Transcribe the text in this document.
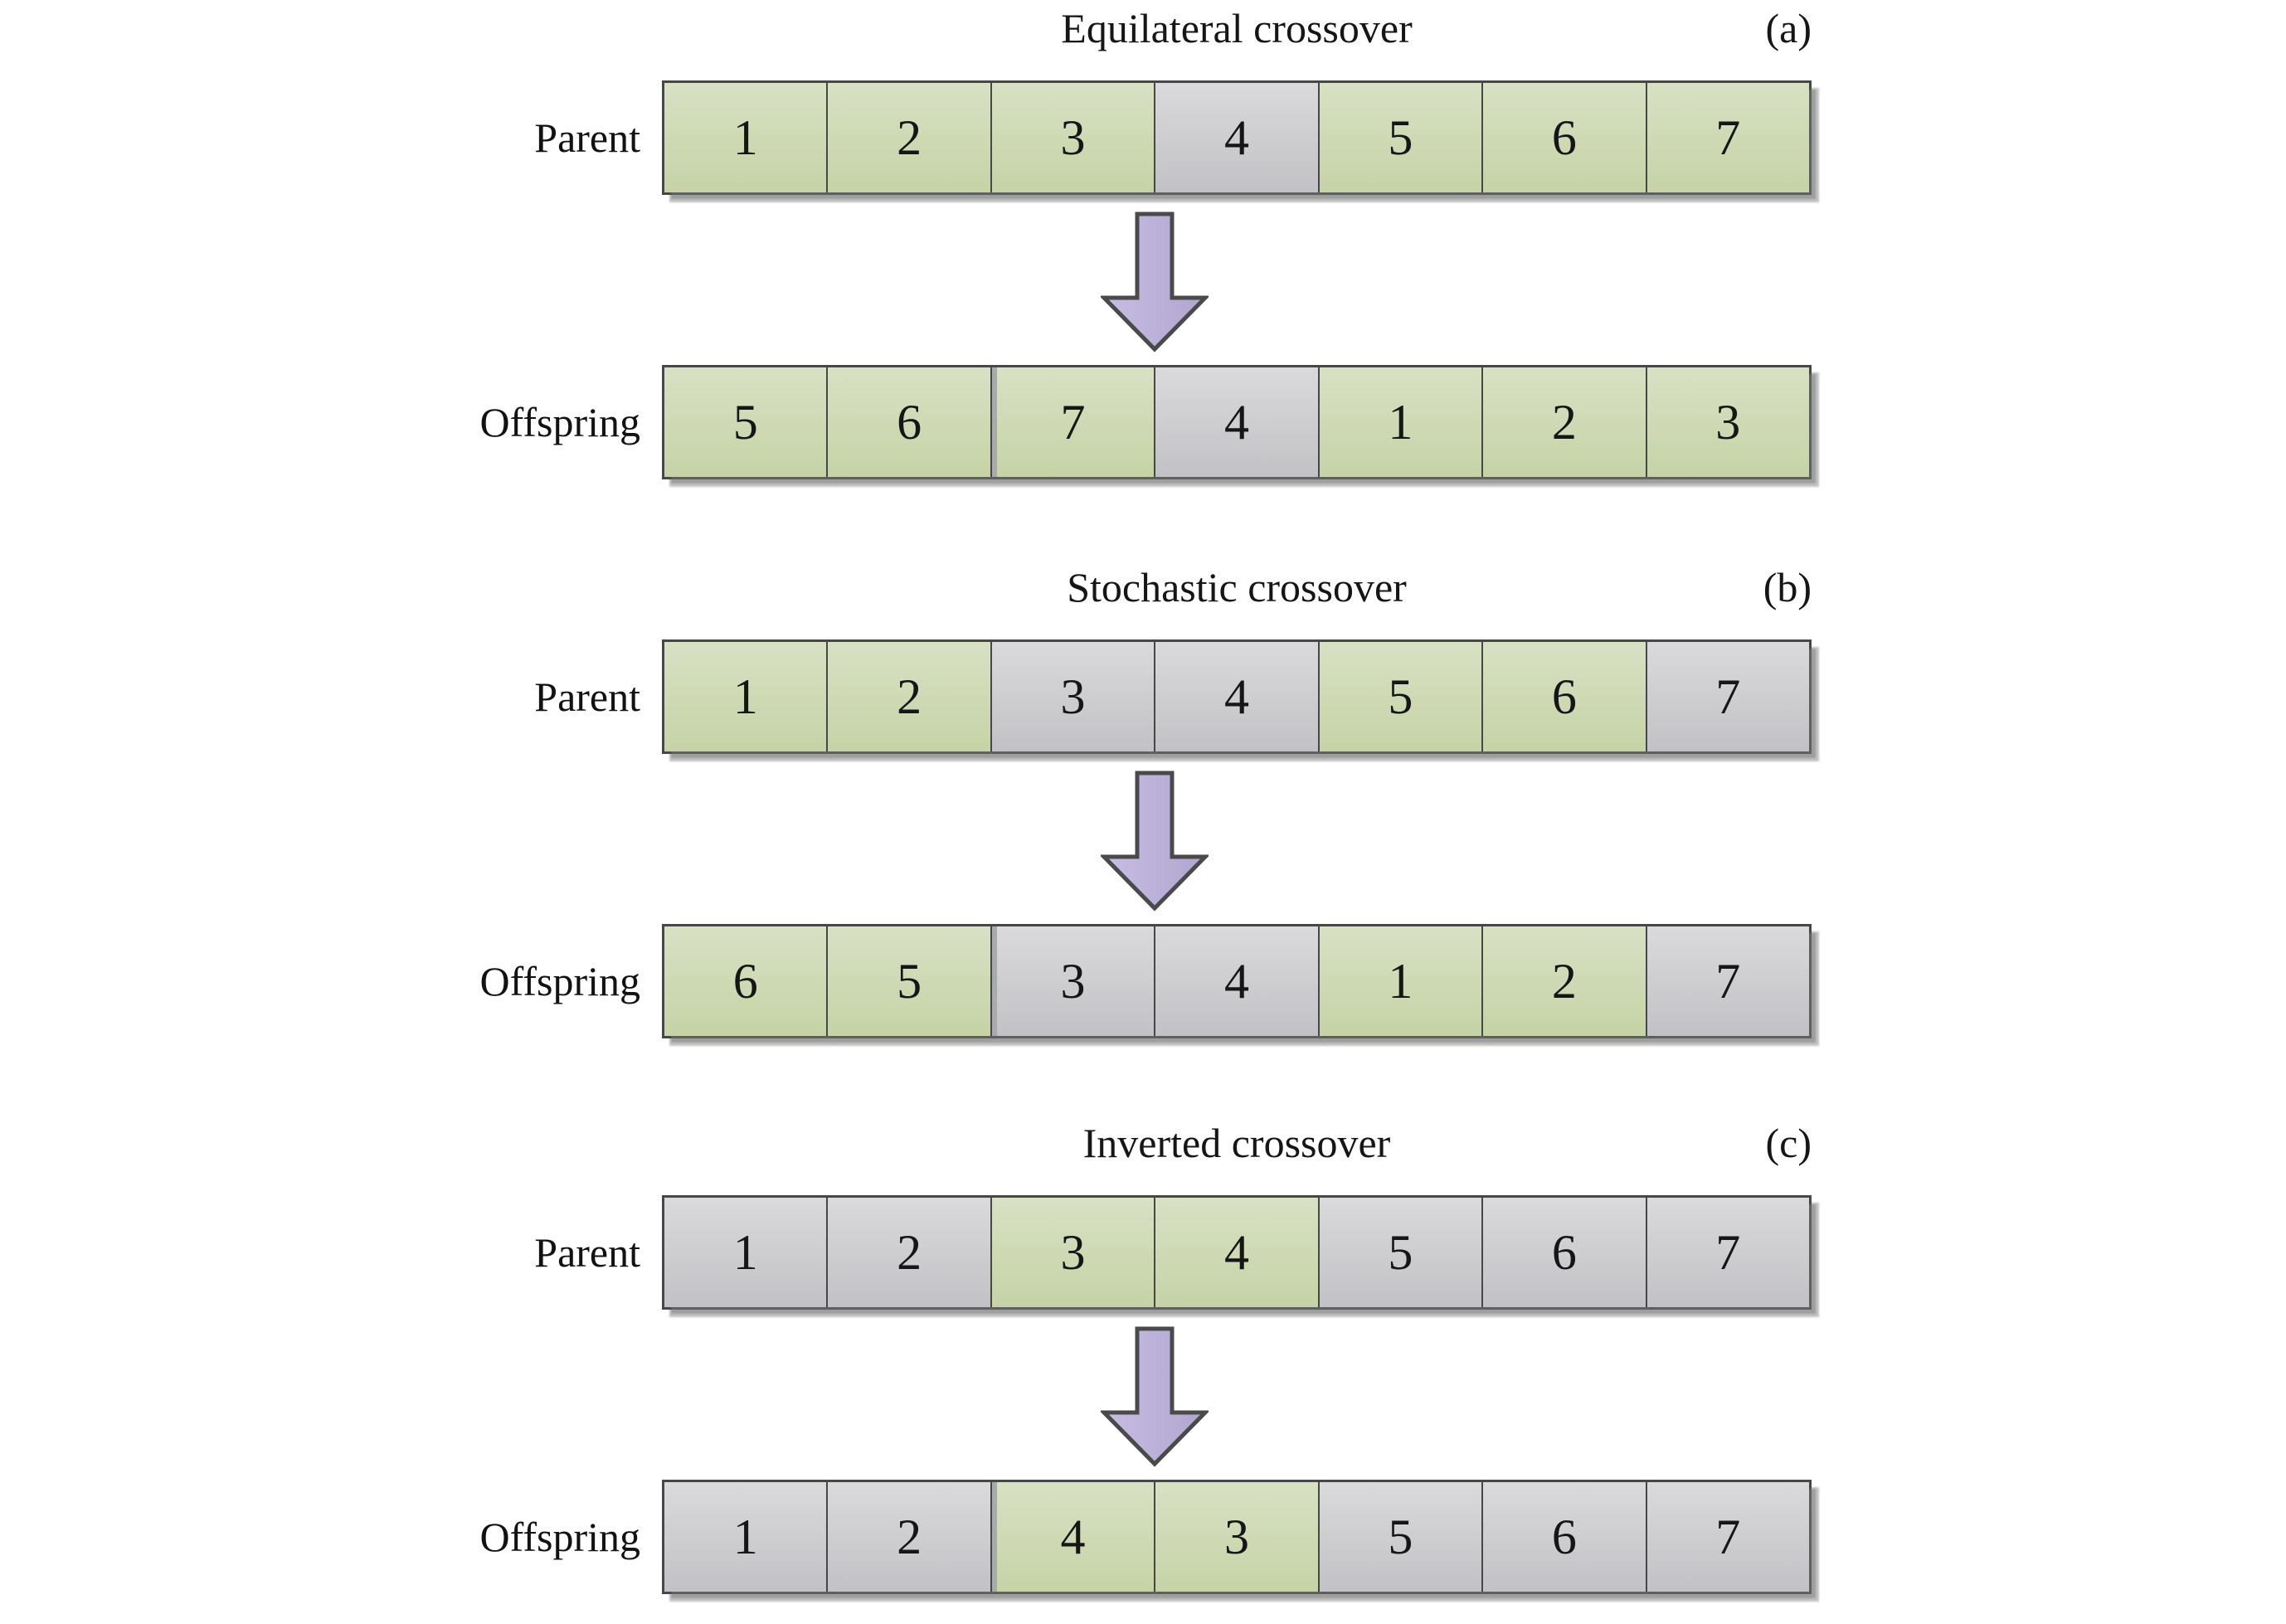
Equilateral crossover	(a)
Parent	1	2	3	4	5	6	7
Offspring	5	6	7	4	1	2	3
Stochastic crossover	(b)
Parent	1	2	3	4	5	6	7
Offspring	6	5	3	4	1	2	7
Inverted crossover	(c)
Parent	1	2	3	4	5	6	7
Offspring	1	2	4	3	5	6	7
